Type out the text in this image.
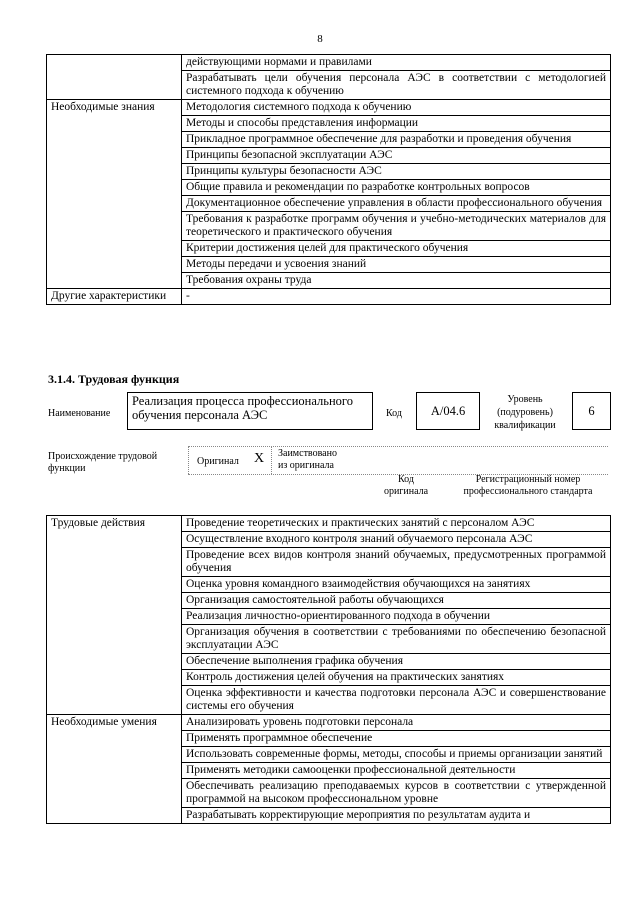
8
	действующими нормами и правилами
	Разрабатывать цели обучения персонала АЭС в соответствии с методологией системного подхода к обучению
Необходимые знания	Методология системного подхода к обучению
	Методы и способы представления информации
	Прикладное программное обеспечение для разработки и проведения обучения
	Принципы безопасной эксплуатации АЭС
	Принципы культуры безопасности АЭС
	Общие правила и рекомендации по разработке контрольных вопросов
	Документационное обеспечение управления в области профессионального обучения
	Требования к разработке программ обучения и учебно-методических материалов для теоретического и практического обучения
	Критерии достижения целей для практического обучения
	Методы передачи и усвоения знаний
	Требования охраны труда
Другие характеристики	-
3.1.4. Трудовая функция
Наименование
Реализация процесса профессионального обучения персонала АЭС	Код	А/04.6
Уровень (подуровень) квалификации
6
Происхождение трудовой функции
Оригинал X Заимствовано из оригинала
Код оригинала
Регистрационный номер профессионального стандарта
Трудовые действия	Проведение теоретических и практических занятий с персоналом АЭС
	Осуществление входного контроля знаний обучаемого персонала АЭС
	Проведение всех видов контроля знаний обучаемых, предусмотренных программой обучения
	Оценка уровня командного взаимодействия обучающихся на занятиях
	Организация самостоятельной работы обучающихся
	Реализация личностно-ориентированного подхода в обучении
	Организация обучения в соответствии с требованиями по обеспечению безопасной эксплуатации АЭС
	Обеспечение выполнения графика обучения
	Контроль достижения целей обучения на практических занятиях
	Оценка эффективности и качества подготовки персонала АЭС и совершенствование системы его обучения
Необходимые умения	Анализировать уровень подготовки персонала
	Применять программное обеспечение
	Использовать современные формы, методы, способы и приемы организации занятий
	Применять методики самооценки профессиональной деятельности
	Обеспечивать реализацию преподаваемых курсов в соответствии с утвержденной программой на высоком профессиональном уровне
	Разрабатывать корректирующие мероприятия по результатам аудита и
